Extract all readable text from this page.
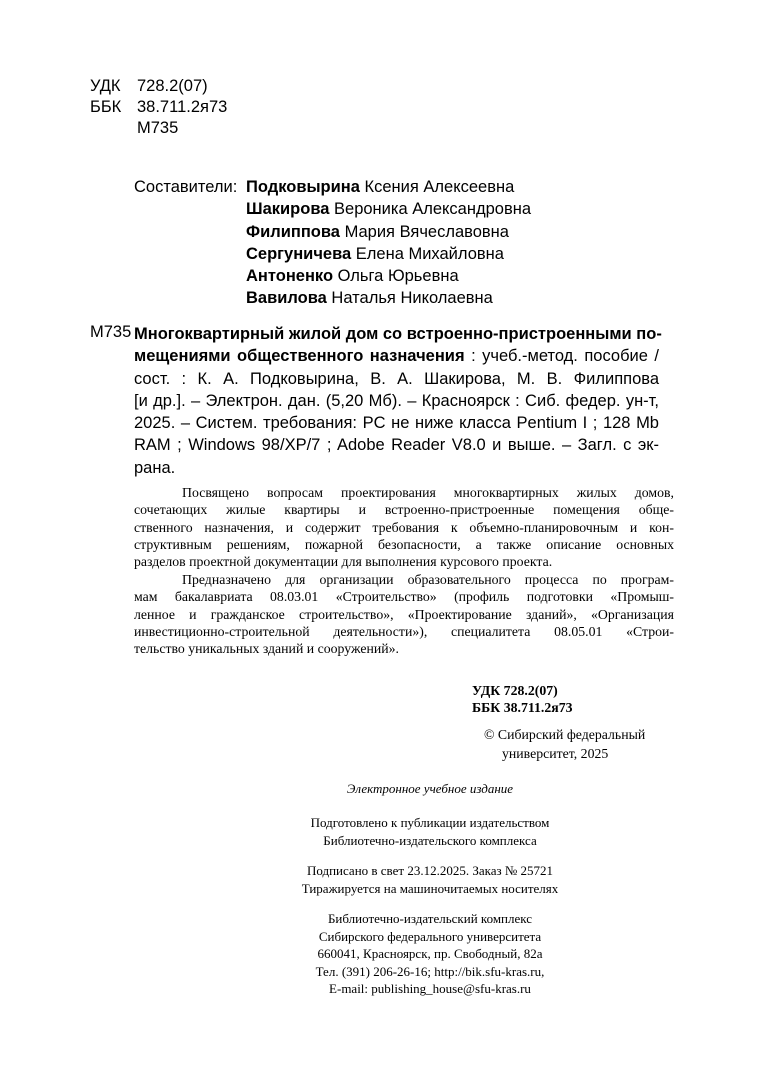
УДК 728.2(07)
ББК 38.711.2я73
М735
Составители: Подковырина Ксения Алексеевна
Шакирова Вероника Александровна
Филиппова Мария Вячеславовна
Сергуничева Елена Михайловна
Антоненко Ольга Юрьевна
Вавилова Наталья Николаевна
М735 Многоквартирный жилой дом со встроенно-пристроенными по-
мещениями общественного назначения : учеб.-метод. пособие /
сост. : К. А. Подковырина, В. А. Шакирова, М. В. Филиппова
[и др.]. – Электрон. дан. (5,20 Мб). – Красноярск : Сиб. федер. ун-т,
2025. – Систем. требования: PC не ниже класса Pentium I ; 128 Mb
RAM ; Windows 98/XP/7 ; Adobe Reader V8.0 и выше. – Загл. с эк-
рана.
Посвящено вопросам проектирования многоквартирных жилых домов,
сочетающих жилые квартиры и встроенно-пристроенные помещения обще-
ственного назначения, и содержит требования к объемно-планировочным и кон-
структивным решениям, пожарной безопасности, а также описание основных
разделов проектной документации для выполнения курсового проекта.
Предназначено для организации образовательного процесса по програм-
мам бакалавриата 08.03.01 «Строительство» (профиль подготовки «Промыш-
ленное и гражданское строительство», «Проектирование зданий», «Организация
инвестиционно-строительной деятельности»), специалитета 08.05.01 «Строи-
тельство уникальных зданий и сооружений».
УДК 728.2(07)
ББК 38.711.2я73
© Сибирский федеральный
университет, 2025
Электронное учебное издание
Подготовлено к публикации издательством
Библиотечно-издательского комплекса
Подписано в свет 23.12.2025. Заказ № 25721
Тиражируется на машиночитаемых носителях
Библиотечно-издательский комплекс
Сибирского федерального университета
660041, Красноярск, пр. Свободный, 82а
Тел. (391) 206-26-16; http://bik.sfu-kras.ru,
E-mail: publishing_house@sfu-kras.ru
